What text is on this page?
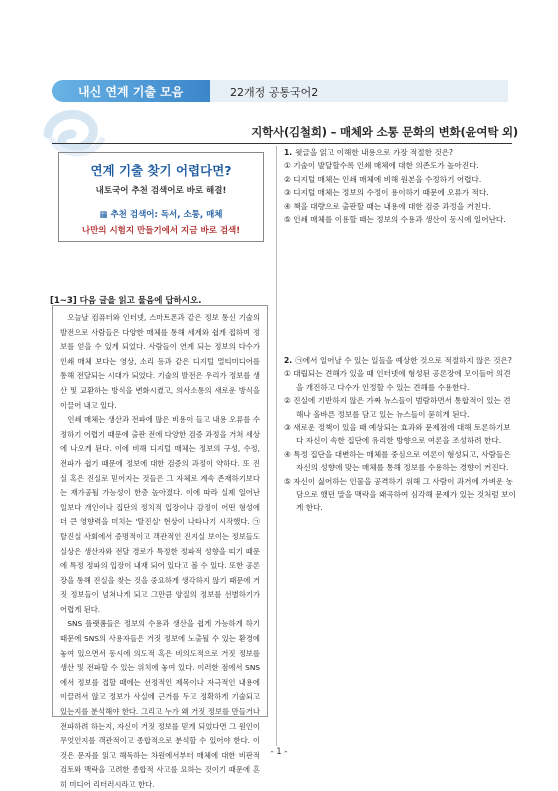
내신 연계 기출 모음	22개정 공통국어2
지학사(김철희) – 매체와 소통 문화의 변화(윤여탁 외)
연계 기출 찾기 어렵다면?
내토국어 추천 검색어로 바로 해결!
▦ 추천 검색어: 독서, 소통, 매체
나만의 시험지 만들기에서 지금 바로 검색!
[1~3] 다음 글을 읽고 물음에 답하시오.

오늘날 컴퓨터와 인터넷, 스마트폰과 같은 정보 통신 기술의 발전으로 사람들은 다양한 매체를 통해 세계와 쉽게 접하며 정보를 얻을 수 있게 되었다. 사람들이 연계 되는 정보의 다수가 인쇄 매체 보다는 영상, 소리 등과 같은 디지털 멀티미디어를 통해 전달되는 시대가 되었다. 기술의 발전은 우리가 정보를 생산 및 교환하는 방식을 변화시켰고, 의사소통의 새로운 방식을 이끌어 내고 있다.

인쇄 매체는 생산과 전파에 많은 비용이 들고 내용 오류를 수정하기 어렵기 때문에 출판 전에 다양한 검증 과정을 거쳐 세상에 나오게 된다. 이에 비해 디지털 매체는 정보의 구성, 수정, 전파가 쉽기 때문에 정보에 대한 검증의 과정이 약하다. 또 진실 혹은 진실로 믿어지는 것들은 그 자체로 계속 존재하기보다는 재가공될 가능성이 한층 높아졌다. 이에 따라 실제 일어난 일보다 개인이나 집단의 정치적 입장이나 감정이 어떤 형성에 더 큰 영향력을 미치는 '탈진실' 현상이 나타나기 시작했다. ㉠ 탈진실 사회에서 증명적이고 객관적인 진지실 보이는 정보들도 실상은 생산자와 전달 경로가 특정한 정파적 성향을 띠기 때문에 특정 정파의 입장이 내재 되어 있다고 볼 수 있다. 또한 공론장을 통해 진실을 찾는 것을 중요하게 생각하지 않기 때문에 거짓 정보들이 넘쳐나게 되고 그만큼 양질의 정보를 선별하기가 어렵게 된다.

SNS 플랫폼들은 정보의 수용과 생산을 쉽게 가능하게 하기 때문에 SNS의 사용자들은 거짓 정보에 노출될 수 있는 환경에 놓여 있으면서 동시에 의도적 혹은 비의도적으로 거짓 정보를 생산 및 전파할 수 있는 위치에 놓여 있다. 이러한 점에서 SNS에서 정보를 접할 때에는 선정적인 제목이나 자극적인 내용에 이끌려서 않고 정보가 사실에 근거를 두고 정확하게 기술되고 있는지를 분석해야 한다. 그리고 누가 왜 거짓 정보를 만들거나 전파하려 하는지, 자신이 거짓 정보를 믿게 되었다면 그 원인이 무엇인지를 객관적이고 종합적으로 분석할 수 있어야 한다. 이것은 문자를 읽고 해독하는 차원에서부터 매체에 대한 비판적 검토와 맥락을 고려한 종합적 사고를 요하는 것이기 때문에 흔히 미디어 리터러시라고 한다.

1. 윗글을 읽고 이해한 내용으로 가장 적절한 것은?
① 기술이 발달할수록 인쇄 매체에 대한 의존도가 높아진다.
② 디지털 매체는 인쇄 매체에 비해 원본을 수정하기 어렵다.
③ 디지털 매체는 정보의 수정이 용이하기 때문에 오류가 적다.
④ 책을 대량으로 출판할 때는 내용에 대한 검증 과정을 거친다.
⑤ 인쇄 매체를 이용할 때는 정보의 수용과 생산이 동시에 일어난다.
2. ㉠에서 일어날 수 있는 일들을 예상한 것으로 적절하지 않은 것은?
① 대립되는 견해가 있을 때 인터넷에 형성된 공론장에 모이들어 의견을 개진하고 다수가 인정할 수 있는 견해를 수용한다.
② 진실에 기반하지 않은 가짜 뉴스들이 범람하면서 통합적이 있는 견해나 올바른 정보를 담고 있는 뉴스들이 묻히게 된다.
③ 새로운 정책이 있을 때 예상되는 효과와 문제점에 대해 토론하기보다 자신이 속한 집단에 유리한 방향으로 여론을 조성하려 한다.
④ 특정 집단을 대변하는 매체를 중심으로 여론이 형성되고, 사람들은 자신의 성향에 맞는 매체를 통해 정보를 수용하는 경향이 커진다.
⑤ 자신이 싫어하는 인물을 공격하기 위해 그 사람이 과거에 가벼운 농담으로 했던 말을 맥락을 왜곡하여 심각해 문제가 있는 것처럼 보이게 한다.
- 1 -
